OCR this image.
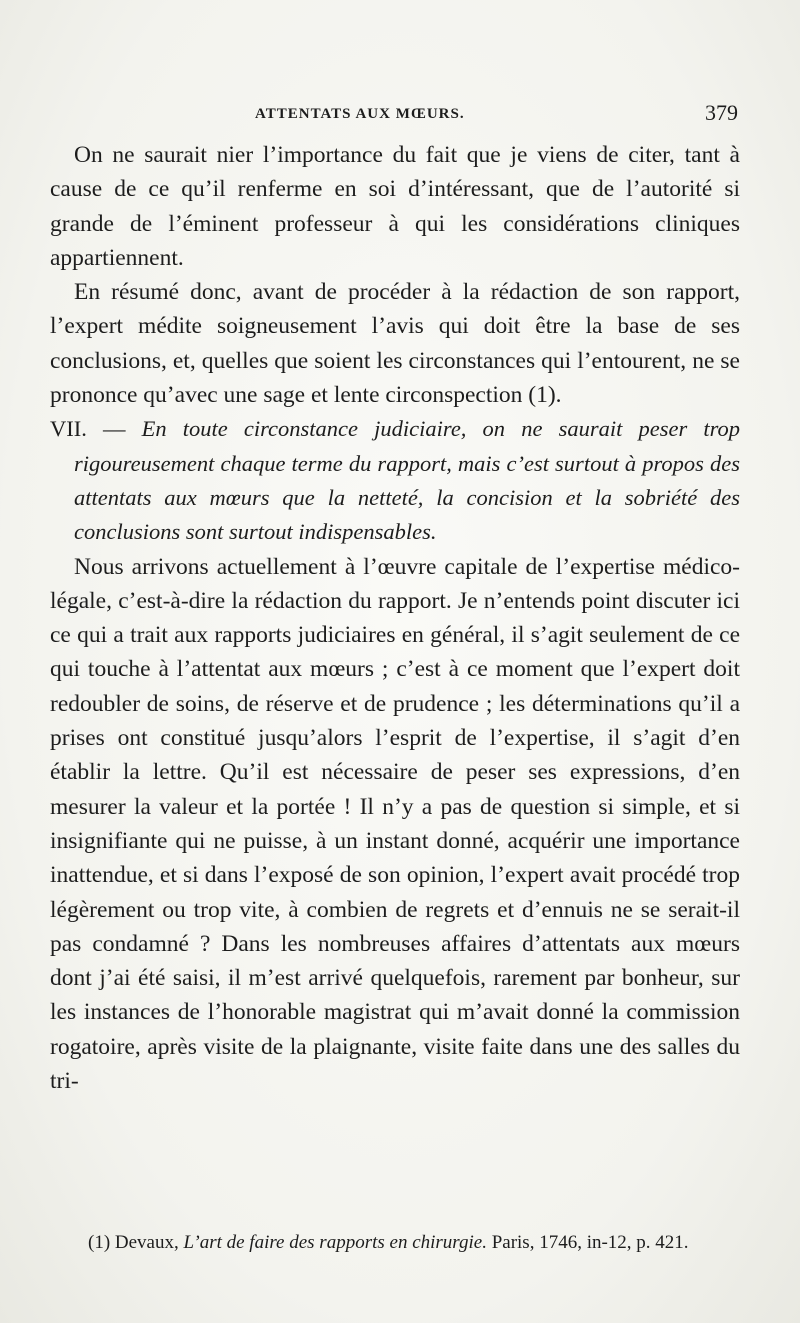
ATTENTATS AUX MŒURS.	379

On ne saurait nier l’importance du fait que je viens de citer, tant à cause de ce qu’il renferme en soi d’intéressant, que de l’autorité si grande de l’éminent professeur à qui les considérations cliniques appartiennent.

En résumé donc, avant de procéder à la rédaction de son rapport, l’expert médite soigneusement l’avis qui doit être la base de ses conclusions, et, quelles que soient les circonstances qui l’entourent, ne se prononce qu’avec une sage et lente circonspection (1).

VII. — En toute circonstance judiciaire, on ne saurait peser trop rigoureusement chaque terme du rapport, mais c’est surtout à propos des attentats aux mœurs que la netteté, la concision et la sobriété des conclusions sont surtout indispensables.

Nous arrivons actuellement à l’œuvre capitale de l’expertise médico-légale, c’est-à-dire la rédaction du rapport. Je n’entends point discuter ici ce qui a trait aux rapports judiciaires en général, il s’agit seulement de ce qui touche à l’attentat aux mœurs ; c’est à ce moment que l’expert doit redoubler de soins, de réserve et de prudence ; les déterminations qu’il a prises ont constitué jusqu’alors l’esprit de l’expertise, il s’agit d’en établir la lettre. Qu’il est nécessaire de peser ses expressions, d’en mesurer la valeur et la portée ! Il n’y a pas de question si simple, et si insignifiante qui ne puisse, à un instant donné, acquérir une importance inattendue, et si dans l’exposé de son opinion, l’expert avait procédé trop légèrement ou trop vite, à combien de regrets et d’ennuis ne se serait-il pas condamné ? Dans les nombreuses affaires d’attentats aux mœurs dont j’ai été saisi, il m’est arrivé quelquefois, rarement par bonheur, sur les instances de l’honorable magistrat qui m’avait donné la commission rogatoire, après visite de la plaignante, visite faite dans une des salles du tri-

(1) Devaux, L’art de faire des rapports en chirurgie. Paris, 1746, in-12, p. 421.
